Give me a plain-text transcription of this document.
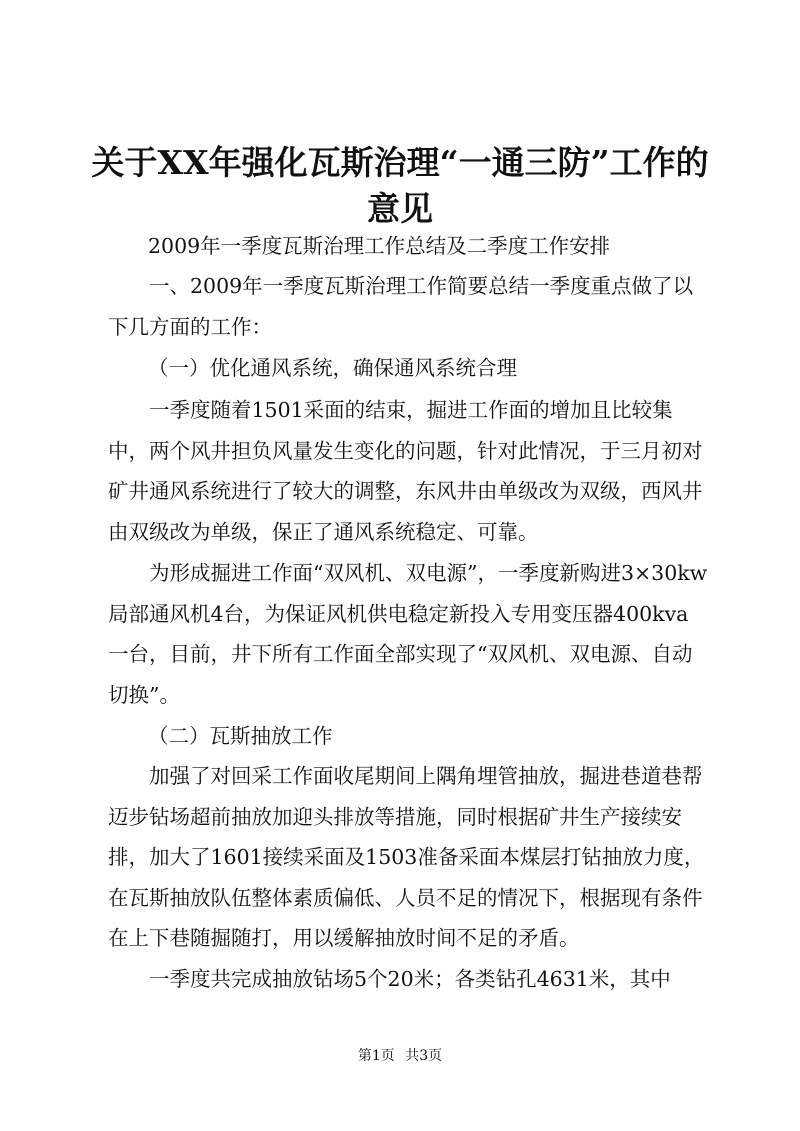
关于XX年强化瓦斯治理“一通三防”工作的
意见

2009年一季度瓦斯治理工作总结及二季度工作安排

一、2009年一季度瓦斯治理工作简要总结一季度重点做了以下几方面的工作：

（一）优化通风系统，确保通风系统合理

一季度随着1501采面的结束，掘进工作面的增加且比较集中，两个风井担负风量发生变化的问题，针对此情况，于三月初对矿井通风系统进行了较大的调整，东风井由单级改为双级，西风井由双级改为单级，保正了通风系统稳定、可靠。

为形成掘进工作面“双风机、双电源”，一季度新购进3×30kw局部通风机4台，为保证风机供电稳定新投入专用变压器400kva一台，目前，井下所有工作面全部实现了“双风机、双电源、自动切换”。

（二）瓦斯抽放工作

加强了对回采工作面收尾期间上隅角埋管抽放，掘进巷道巷帮迈步钻场超前抽放加迎头排放等措施，同时根据矿井生产接续安排，加大了1601接续采面及1503准备采面本煤层打钻抽放力度，在瓦斯抽放队伍整体素质偏低、人员不足的情况下，根据现有条件在上下巷随掘随打，用以缓解抽放时间不足的矛盾。

一季度共完成抽放钻场5个20米；各类钻孔4631米，其中

第1页 共3页
